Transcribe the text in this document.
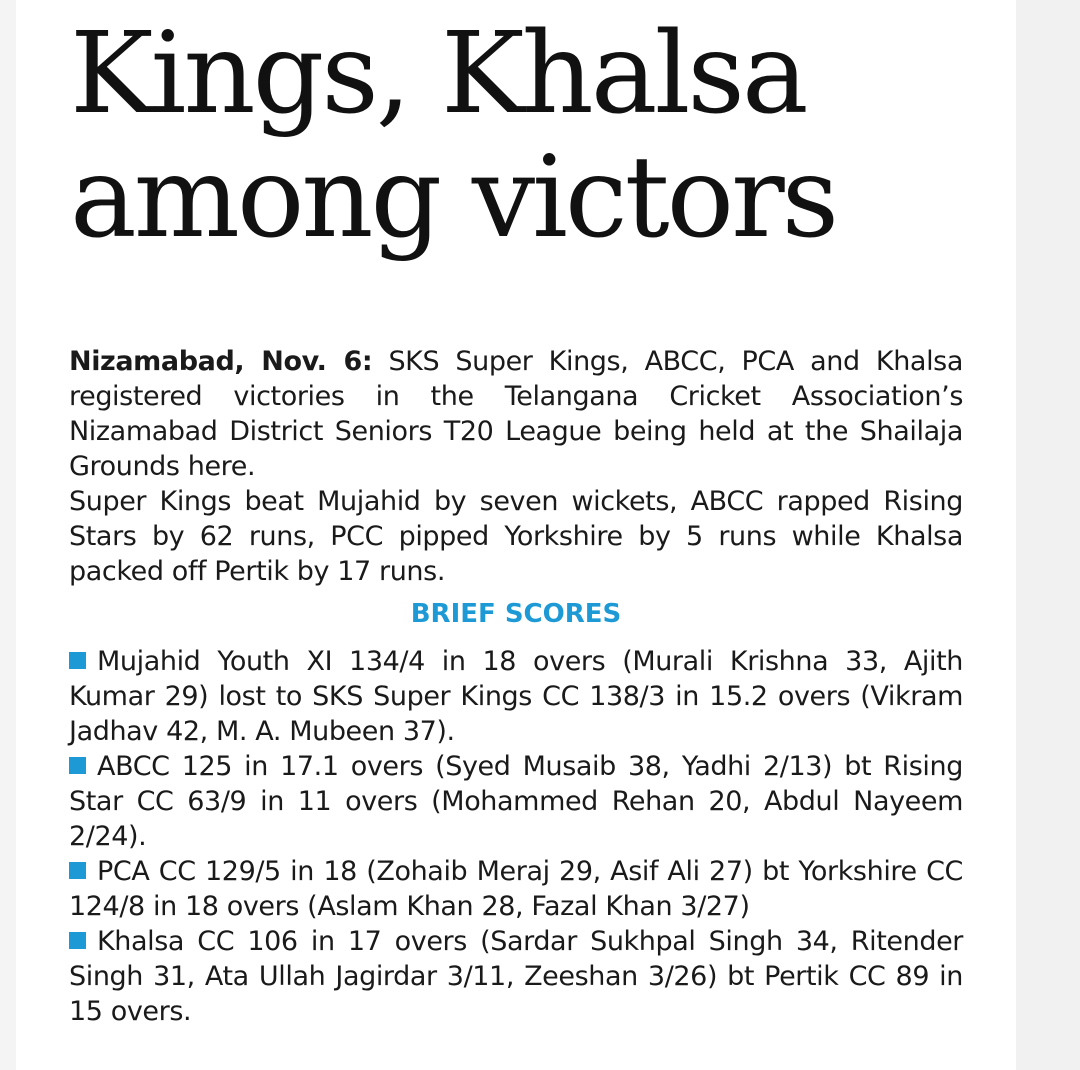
Kings, Khalsa
among victors

Nizamabad, Nov. 6: SKS Super Kings, ABCC, PCA and Khalsa registered victories in the Telangana Cricket Association’s Nizamabad District Seniors T20 League being held at the Shailaja Grounds here.

Super Kings beat Mujahid by seven wickets, ABCC rapped Rising Stars by 62 runs, PCC pipped Yorkshire by 5 runs while Khalsa packed off Pertik by 17 runs.

BRIEF SCORES

Mujahid Youth XI 134/4 in 18 overs (Murali Krishna 33, Ajith Kumar 29) lost to SKS Super Kings CC 138/3 in 15.2 overs (Vikram Jadhav 42, M. A. Mubeen 37).

ABCC 125 in 17.1 overs (Syed Musaib 38, Yadhi 2/13) bt Rising Star CC 63/9 in 11 overs (Mohammed Rehan 20, Abdul Nayeem 2/24).

PCA CC 129/5 in 18 (Zohaib Meraj 29, Asif Ali 27) bt Yorkshire CC 124/8 in 18 overs (Aslam Khan 28, Fazal Khan 3/27)

Khalsa CC 106 in 17 overs (Sardar Sukhpal Singh 34, Ritender Singh 31, Ata Ullah Jagirdar 3/11, Zeeshan 3/26) bt Pertik CC 89 in 15 overs.
